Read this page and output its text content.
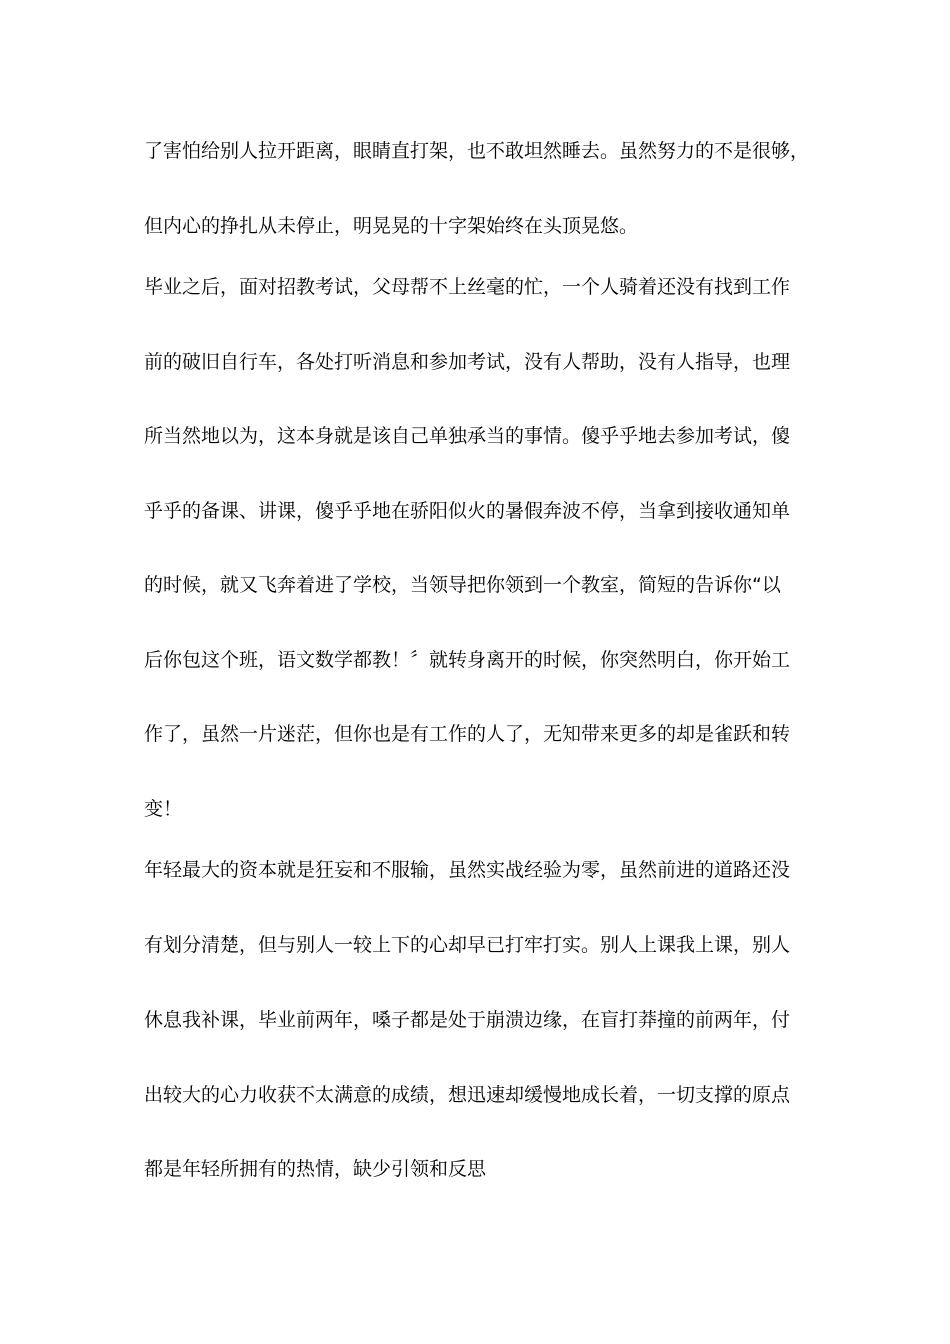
了害怕给别人拉开距离，眼睛直打架，也不敢坦然睡去。虽然努力的不是很够，
但内心的挣扎从未停止，明晃晃的十字架始终在头顶晃悠。
毕业之后，面对招教考试，父母帮不上丝毫的忙，一个人骑着还没有找到工作
前的破旧自行车，各处打听消息和参加考试，没有人帮助，没有人指导，也理
所当然地以为，这本身就是该自己单独承当的事情。傻乎乎地去参加考试，傻
乎乎的备课、讲课，傻乎乎地在骄阳似火的暑假奔波不停，当拿到接收通知单
的时候，就又飞奔着进了学校，当领导把你领到一个教室，简短的告诉你“以
后你包这个班，语文数学都教！〞就转身离开的时候，你突然明白，你开始工
作了，虽然一片迷茫，但你也是有工作的人了，无知带来更多的却是雀跃和转
变！
年轻最大的资本就是狂妄和不服输，虽然实战经验为零，虽然前进的道路还没
有划分清楚，但与别人一较上下的心却早已打牢打实。别人上课我上课，别人
休息我补课，毕业前两年，嗓子都是处于崩溃边缘，在盲打莽撞的前两年，付
出较大的心力收获不太满意的成绩，想迅速却缓慢地成长着，一切支撑的原点
都是年轻所拥有的热情，缺少引领和反思
